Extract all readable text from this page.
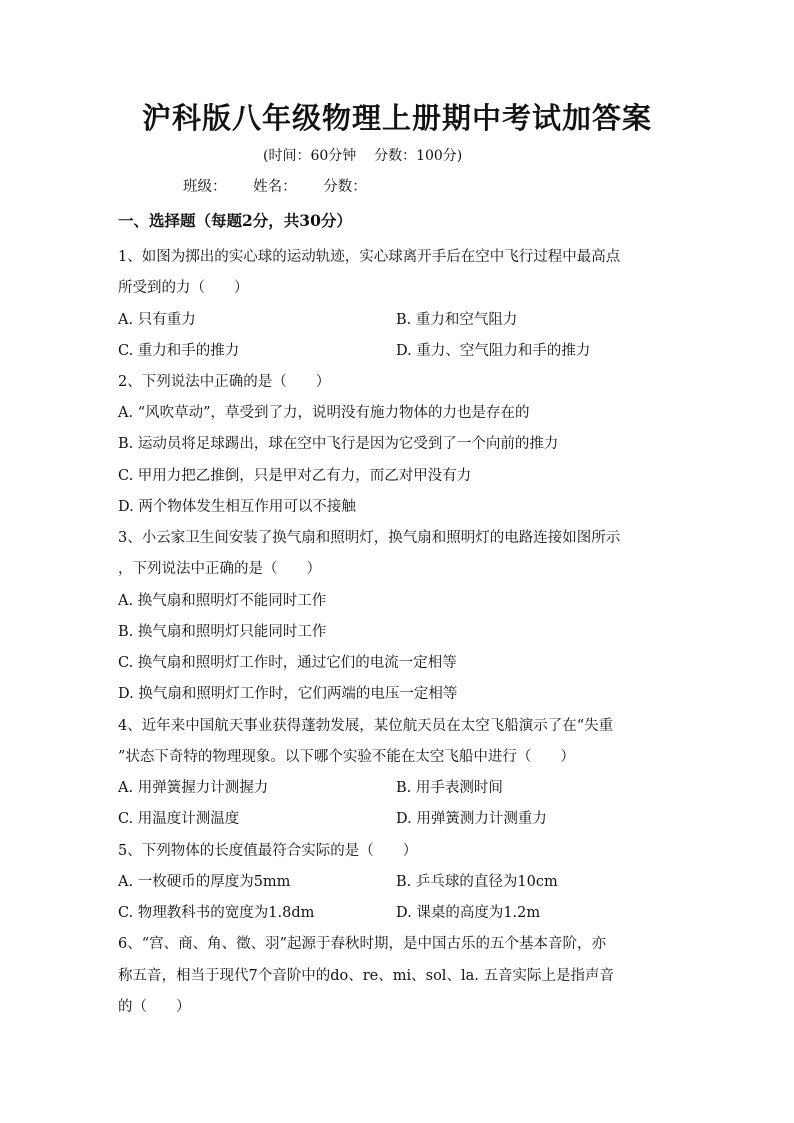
沪科版八年级物理上册期中考试加答案
(时间：60分钟    分数：100分)
班级： 姓名： 分数：
一、选择题（每题2分，共30分）
1、如图为掷出的实心球的运动轨迹，实心球离开手后在空中飞行过程中最高点
所受到的力（　　）
A. 只有重力	B. 重力和空气阻力
C. 重力和手的推力	D. 重力、空气阻力和手的推力
2、下列说法中正确的是（　　）
A. “风吹草动”，草受到了力，说明没有施力物体的力也是存在的
B. 运动员将足球踢出，球在空中飞行是因为它受到了一个向前的推力
C. 甲用力把乙推倒，只是甲对乙有力，而乙对甲没有力
D. 两个物体发生相互作用可以不接触
3、小云家卫生间安装了换气扇和照明灯，换气扇和照明灯的电路连接如图所示
，下列说法中正确的是（　　）
A. 换气扇和照明灯不能同时工作
B. 换气扇和照明灯只能同时工作
C. 换气扇和照明灯工作时，通过它们的电流一定相等
D. 换气扇和照明灯工作时，它们两端的电压一定相等
4、近年来中国航天事业获得蓬勃发展，某位航天员在太空飞船演示了在“失重
”状态下奇特的物理现象。以下哪个实验不能在太空飞船中进行（　　）
A. 用弹簧握力计测握力	B. 用手表测时间
C. 用温度计测温度	D. 用弹簧测力计测重力
5、下列物体的长度值最符合实际的是（　　）
A. 一枚硬币的厚度为5mm	B. 乒乓球的直径为10cm
C. 物理教科书的宽度为1.8dm	D. 课桌的高度为1.2m
6、“宫、商、角、徵、羽”起源于春秋时期，是中国古乐的五个基本音阶，亦
称五音，相当于现代7个音阶中的do、re、mi、sol、la. 五音实际上是指声音
的（　　）
